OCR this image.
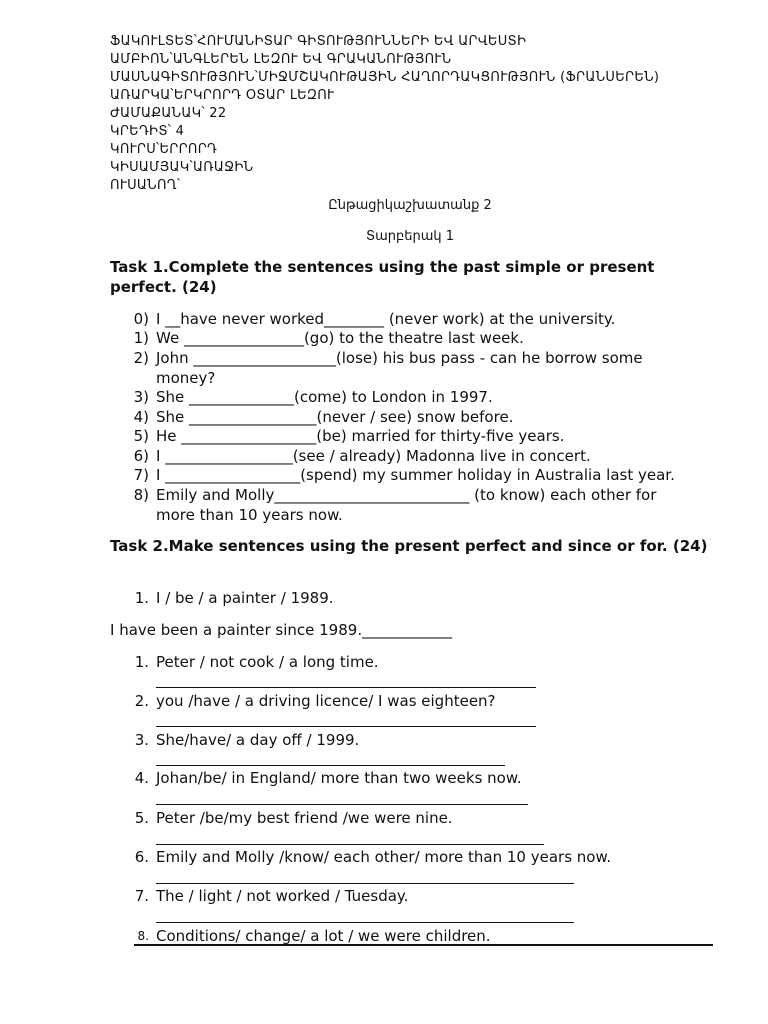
ՖԱԿՈՒԼՏԵՏ՝ՀՈՒՄԱՆԻՏԱՐ ԳԻՏՈՒԹՅՈՒՆՆԵՐԻ ԵՎ ԱՐՎԵՍՏԻ
ԱՄԲԻՈՆ՝ԱՆԳԼԵՐԵՆ ԼԵԶՈՒ ԵՎ ԳՐԱԿԱՆՈՒԹՅՈՒՆ
ՄԱՍՆԱԳԻՏՈՒԹՅՈՒՆ՝ՄԻՋՄՇԱԿՈՒԹԱՅԻՆ ՀԱՂՈՐԴԱԿՑՈՒԹՅՈՒՆ (ՖՐԱՆՍԵՐԵՆ)
ԱՌԱՐԿԱ՝ԵՐԿՐՈՐԴ ՕՏԱՐ ԼԵԶՈՒ
ԺԱՄԱՔԱՆԱԿ՝ 22
ԿՐԵԴԻՏ՝ 4
ԿՈՒՐՍ՝ԵՐՐՈՐԴ
ԿԻՍԱՄՅԱԿ՝ԱՌԱՋԻՆ
ՈՒՍԱՆՈՂ՝
Ընթացիկաշխատանք 2
Տարբերակ 1
Task 1.Complete the sentences using the past simple or present perfect. (24)
0) I __have never worked________ (never work) at the university.
1) We ________________(go) to the theatre last week.
2) John ___________________(lose) his bus pass - can he borrow some
money?
3) She ______________(come) to London in 1997.
4) She _________________(never / see) snow before.
5) He __________________(be) married for thirty-five years.
6) I _________________(see / already) Madonna live in concert.
7) I __________________(spend) my summer holiday in Australia last year.
8) Emily and Molly__________________________ (to know) each other for
more than 10 years now.
Task 2.Make sentences using the present perfect and since or for. (24)
1. I / be / a painter / 1989.
I have been a painter since 1989.____________
1. Peter / not cook / a long time.
2. you /have / a driving licence/ I was eighteen?
3. She/have/ a day off / 1999.
4. Johan/be/ in England/ more than two weeks now.
5. Peter /be/my best friend /we were nine.
6. Emily and Molly /know/ each other/ more than 10 years now.
7. The / light / not worked / Tuesday.
8. Conditions/ change/ a lot / we were children.
